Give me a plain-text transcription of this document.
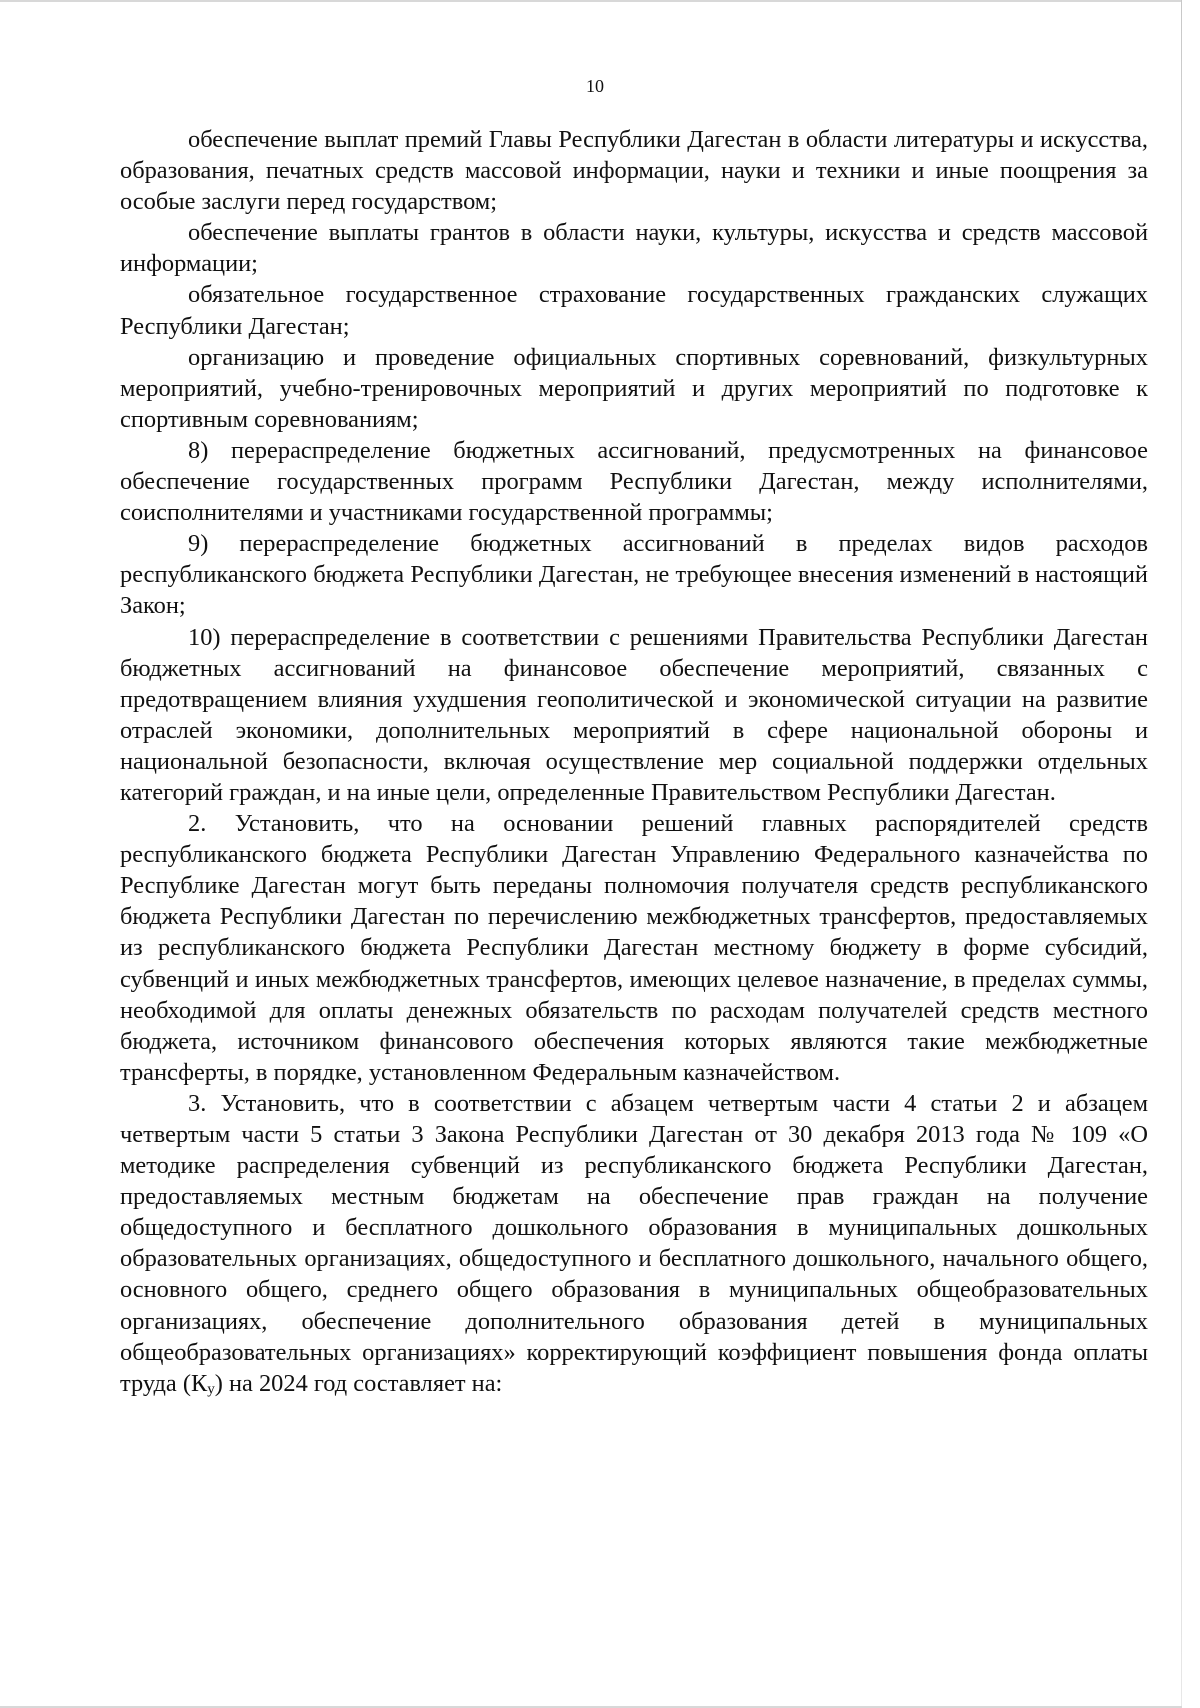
10

обеспечение выплат премий Главы Республики Дагестан в области литературы и искусства, образования, печатных средств массовой информации, науки и техники и иные поощрения за особые заслуги перед государством;

обеспечение выплаты грантов в области науки, культуры, искусства и средств массовой информации;

обязательное государственное страхование государственных гражданских служащих Республики Дагестан;

организацию и проведение официальных спортивных соревнований, физкультурных мероприятий, учебно-тренировочных мероприятий и других мероприятий по подготовке к спортивным соревнованиям;

8) перераспределение бюджетных ассигнований, предусмотренных на финансовое обеспечение государственных программ Республики Дагестан, между исполнителями, соисполнителями и участниками государственной программы;

9) перераспределение бюджетных ассигнований в пределах видов расходов республиканского бюджета Республики Дагестан, не требующее внесения изменений в настоящий Закон;

10) перераспределение в соответствии с решениями Правительства Республики Дагестан бюджетных ассигнований на финансовое обеспечение мероприятий, связанных с предотвращением влияния ухудшения геополитической и экономической ситуации на развитие отраслей экономики, дополнительных мероприятий в сфере национальной обороны и национальной безопасности, включая осуществление мер социальной поддержки отдельных категорий граждан, и на иные цели, определенные Правительством Республики Дагестан.

2. Установить, что на основании решений главных распорядителей средств республиканского бюджета Республики Дагестан Управлению Федерального казначейства по Республике Дагестан могут быть переданы полномочия получателя средств республиканского бюджета Республики Дагестан по перечислению межбюджетных трансфертов, предоставляемых из республиканского бюджета Республики Дагестан местному бюджету в форме субсидий, субвенций и иных межбюджетных трансфертов, имеющих целевое назначение, в пределах суммы, необходимой для оплаты денежных обязательств по расходам получателей средств местного бюджета, источником финансового обеспечения которых являются такие межбюджетные трансферты, в порядке, установленном Федеральным казначейством.

3. Установить, что в соответствии с абзацем четвертым части 4 статьи 2 и абзацем четвертым части 5 статьи 3 Закона Республики Дагестан от 30 декабря 2013 года № 109 «О методике распределения субвенций из республиканского бюджета Республики Дагестан, предоставляемых местным бюджетам на обеспечение прав граждан на получение общедоступного и бесплатного дошкольного образования в муниципальных дошкольных образовательных организациях, общедоступного и бесплатного дошкольного, начального общего, основного общего, среднего общего образования в муниципальных общеобразовательных организациях, обеспечение дополнительного образования детей в муниципальных общеобразовательных организациях» корректирующий коэффициент повышения фонда оплаты труда (Ку) на 2024 год составляет на:
